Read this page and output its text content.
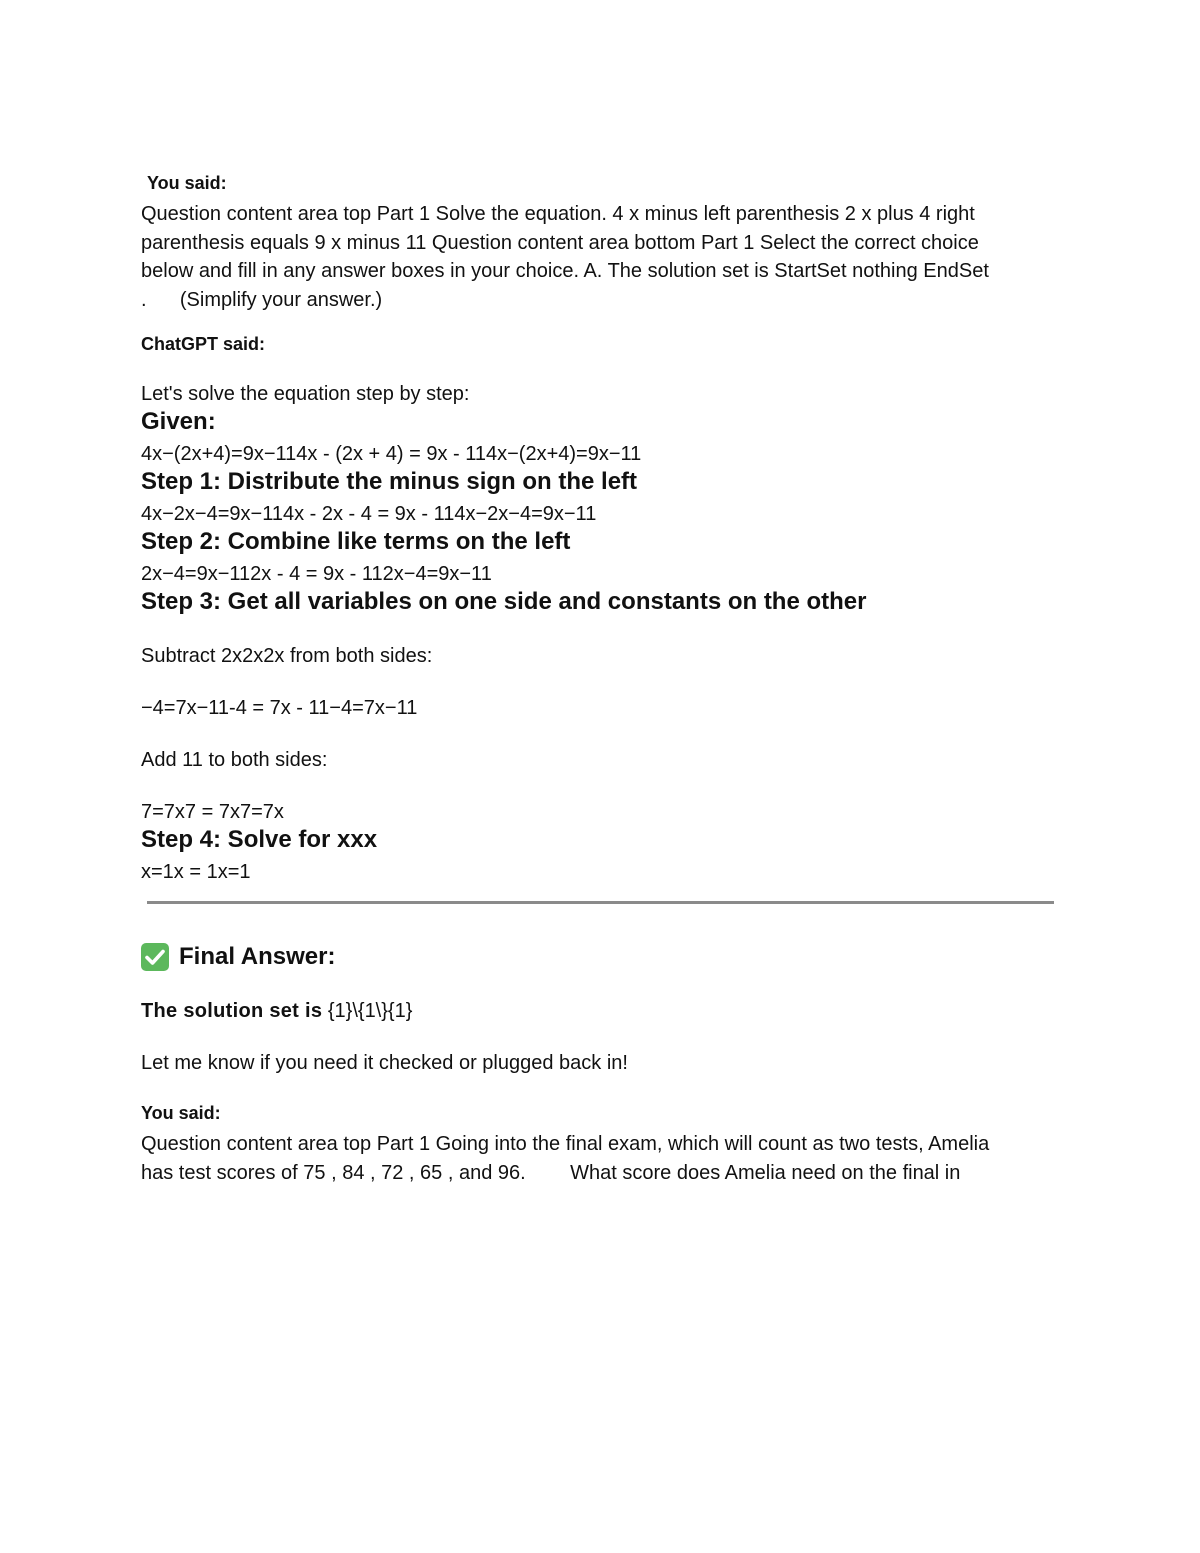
You said:

Question content area top Part 1 Solve the equation. 4 x minus left parenthesis 2 x plus 4 right
parenthesis equals 9 x minus 11 Question content area bottom Part 1 Select the correct choice
below and fill in any answer boxes in your choice. A. The solution set is StartSet nothing EndSet
.      (Simplify your answer.)

ChatGPT said:

Let's solve the equation step by step:

Given:

4x−(2x+4)=9x−114x - (2x + 4) = 9x - 114x−(2x+4)=9x−11

Step 1: Distribute the minus sign on the left

4x−2x−4=9x−114x - 2x - 4 = 9x - 114x−2x−4=9x−11

Step 2: Combine like terms on the left

2x−4=9x−112x - 4 = 9x - 112x−4=9x−11

Step 3: Get all variables on one side and constants on the other

Subtract 2x2x2x from both sides:

−4=7x−11-4 = 7x - 11−4=7x−11

Add 11 to both sides:

7=7x7 = 7x7=7x

Step 4: Solve for xxx

x=1x = 1x=1

Final Answer:

The solution set is {1}\{1\}{1}

Let me know if you need it checked or plugged back in!

You said:

Question content area top Part 1 Going into the final exam, which will count as two tests, Amelia
has test scores of 75 , 84 , 72 , 65 , and 96.        What score does Amelia need on the final in
